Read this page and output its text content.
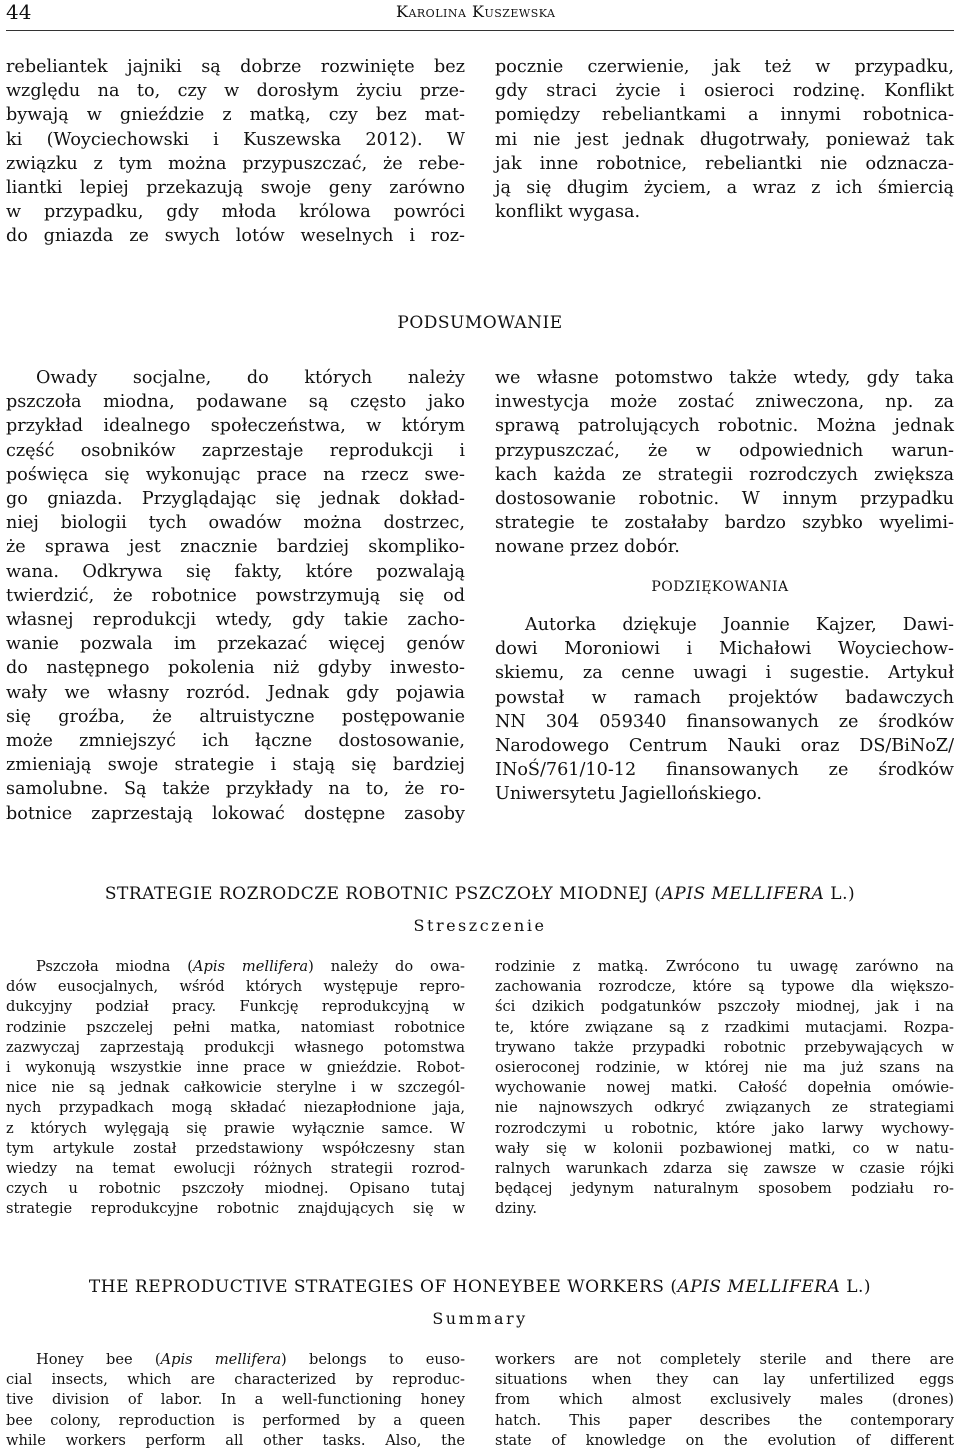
44	Karolina Kuszewska
rebeliantek jajniki są dobrze rozwinięte bez
względu na to, czy w dorosłym życiu prze-
bywają w gnieździe z matką, czy bez mat-
ki (Woyciechowski i Kuszewska 2012). W
związku z tym można przypuszczać, że rebe-
liantki lepiej przekazują swoje geny zarówno
w przypadku, gdy młoda królowa powróci
do gniazda ze swych lotów weselnych i roz-
pocznie czerwienie, jak też w przypadku,
gdy straci życie i osieroci rodzinę. Konflikt
pomiędzy rebeliantkami a innymi robotnica-
mi nie jest jednak długotrwały, ponieważ tak
jak inne robotnice, rebeliantki nie odznacza-
ją się długim życiem, a wraz z ich śmiercią
konflikt wygasa.
PODSUMOWANIE
Owady socjalne, do których należy
pszczoła miodna, podawane są często jako
przykład idealnego społeczeństwa, w którym
część osobników zaprzestaje reprodukcji i
poświęca się wykonując prace na rzecz swe-
go gniazda. Przyglądając się jednak dokład-
niej biologii tych owadów można dostrzec,
że sprawa jest znacznie bardziej skompliko-
wana. Odkrywa się fakty, które pozwalają
twierdzić, że robotnice powstrzymują się od
własnej reprodukcji wtedy, gdy takie zacho-
wanie pozwala im przekazać więcej genów
do następnego pokolenia niż gdyby inwesto-
wały we własny rozród. Jednak gdy pojawia
się groźba, że altruistyczne postępowanie
może zmniejszyć ich łączne dostosowanie,
zmieniają swoje strategie i stają się bardziej
samolubne. Są także przykłady na to, że ro-
botnice zaprzestają lokować dostępne zasoby
we własne potomstwo także wtedy, gdy taka
inwestycja może zostać zniweczona, np. za
sprawą patrolujących robotnic. Można jednak
przypuszczać, że w odpowiednich warun-
kach każda ze strategii rozrodczych zwiększa
dostosowanie robotnic. W innym przypadku
strategie te zostałaby bardzo szybko wyelimi-
nowane przez dobór.
PODZIĘKOWANIA
Autorka dziękuje Joannie Kajzer, Dawi-
dowi Moroniowi i Michałowi Woyciechow-
skiemu, za cenne uwagi i sugestie. Artykuł
powstał w ramach projektów badawczych
NN 304 059340 finansowanych ze środków
Narodowego Centrum Nauki oraz DS/BiNoZ/
INoŚ/761/10-12 finansowanych ze środków
Uniwersytetu Jagiellońskiego.
STRATEGIE ROZRODCZE ROBOTNIC PSZCZOŁY MIODNEJ (APIS MELLIFERA L.)
Streszczenie
Pszczoła miodna (Apis mellifera) należy do owa-
dów eusocjalnych, wśród których występuje repro-
dukcyjny podział pracy. Funkcję reprodukcyjną w
rodzinie pszczelej pełni matka, natomiast robotnice
zazwyczaj zaprzestają produkcji własnego potomstwa
i wykonują wszystkie inne prace w gnieździe. Robot-
nice nie są jednak całkowicie sterylne i w szczegól-
nych przypadkach mogą składać niezapłodnione jaja,
z których wylęgają się prawie wyłącznie samce. W
tym artykule został przedstawiony współczesny stan
wiedzy na temat ewolucji różnych strategii rozrod-
czych u robotnic pszczoły miodnej. Opisano tutaj
strategie reprodukcyjne robotnic znajdujących się w
rodzinie z matką. Zwrócono tu uwagę zarówno na
zachowania rozrodcze, które są typowe dla większo-
ści dzikich podgatunków pszczoły miodnej, jak i na
te, które związane są z rzadkimi mutacjami. Rozpa-
trywano także przypadki robotnic przebywających w
osieroconej rodzinie, w której nie ma już szans na
wychowanie nowej matki. Całość dopełnia omówie-
nie najnowszych odkryć związanych ze strategiami
rozrodczymi u robotnic, które jako larwy wychowy-
wały się w kolonii pozbawionej matki, co w natu-
ralnych warunkach zdarza się zawsze w czasie rójki
będącej jedynym naturalnym sposobem podziału ro-
dziny.
THE REPRODUCTIVE STRATEGIES OF HONEYBEE WORKERS (APIS MELLIFERA L.)
Summary
Honey bee (Apis mellifera) belongs to euso-
cial insects, which are characterized by reproduc-
tive division of labor. In a well-functioning honey
bee colony, reproduction is performed by a queen
while workers perform all other tasks. Also, the
workers are not completely sterile and there are
situations when they can lay unfertilized eggs
from which almost exclusively males (drones)
hatch. This paper describes the contemporary
state of knowledge on the evolution of different
